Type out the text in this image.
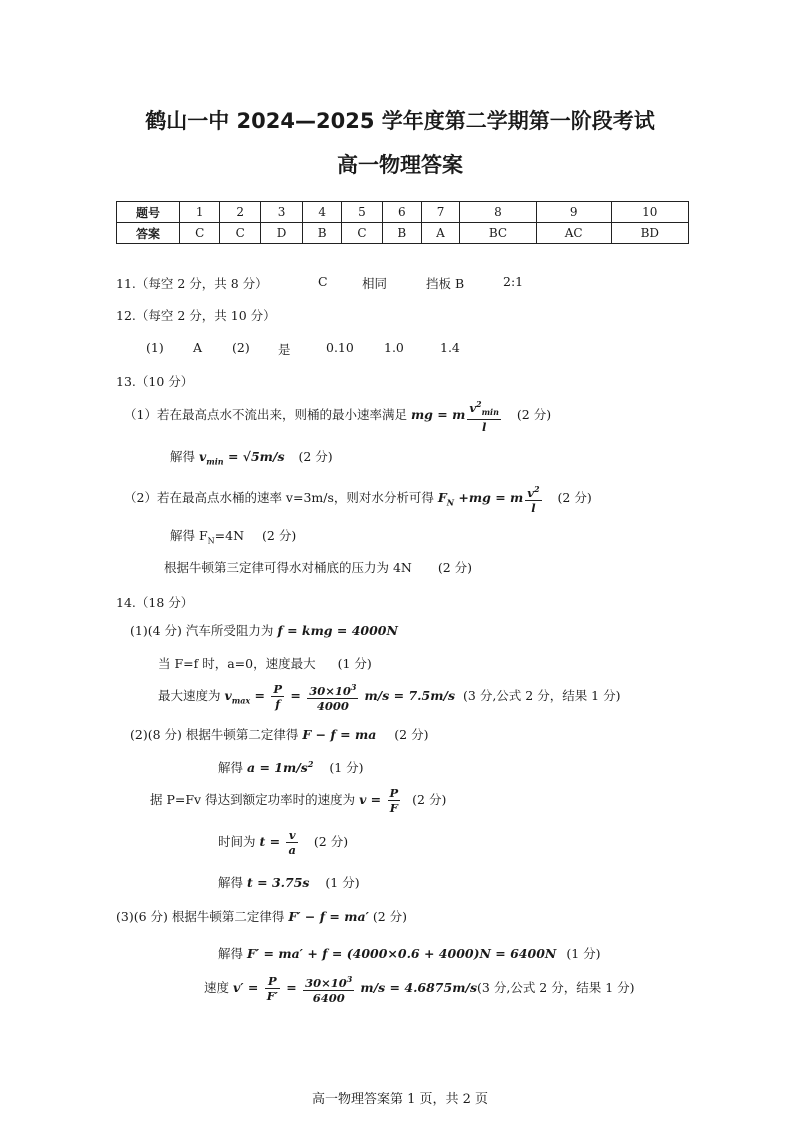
鹤山一中 2024—2025 学年度第二学期第一阶段考试
高一物理答案
题号	1	2	3	4	5	6	7	8	9	10
答案	C	C	D	B	C	B	A	BC	AC	BD
11.（每空 2 分，共 8 分）	C	相同	挡板 B	2:1
12.（每空 2 分，共 10 分）
(1) A (2) 是	0.10 1.0	1.4
13.（10 分）
（1）若在最高点水不流出来，则桶的最小速率满足 mg = m $\frac{v^2_{min}}{l} (2$ 分)
解得 $v_{min} = √5m/s$ (2 分)
（2）若在最高点水桶的速率 v=3m/s，则对水分析可得 $F_N +mg = m \frac{v^2}{l} (2$ 分)
解得 $F_N=4N$ (2 分)
根据牛顿第三定律可得水对桶底的压力为 4N (2 分)
14.（18 分）
(1)(4 分) 汽车所受阻力为 f = kmg = 4000N
当 F=f 时，a=0，速度最大 (1 分)
最大速度为 $v_{max} = \frac{P}{f} = \frac{30\times 10^3}{4000} m/s = 7.5m/s$ (3 分,公式 2 分，结果 1 分)
(2)(8 分) 根据牛顿第二定律得 F − f = ma (2 分)
解得 $a = 1m/s^2$ (1 分)
据 P=Fv 得达到额定功率时的速度为 $v = \frac{P}{F} (2$ 分)
时间为 $t = \frac{v}{a} (2$ 分)
解得 t = 3.75s (1 分)
(3)(6 分) 根据牛顿第二定律得 F′ − f = ma′ (2 分)
解得 F′ = ma′ + f = (4000×0.6 + 4000)N = 6400N (1 分)
速度 $v' = \frac{P}{F'} = \frac{30\times 10^3}{6400} m/s = 4.6875m/s(3$ 分,公式 2 分，结果 1 分)
高一物理答案第 1 页，共 2 页
